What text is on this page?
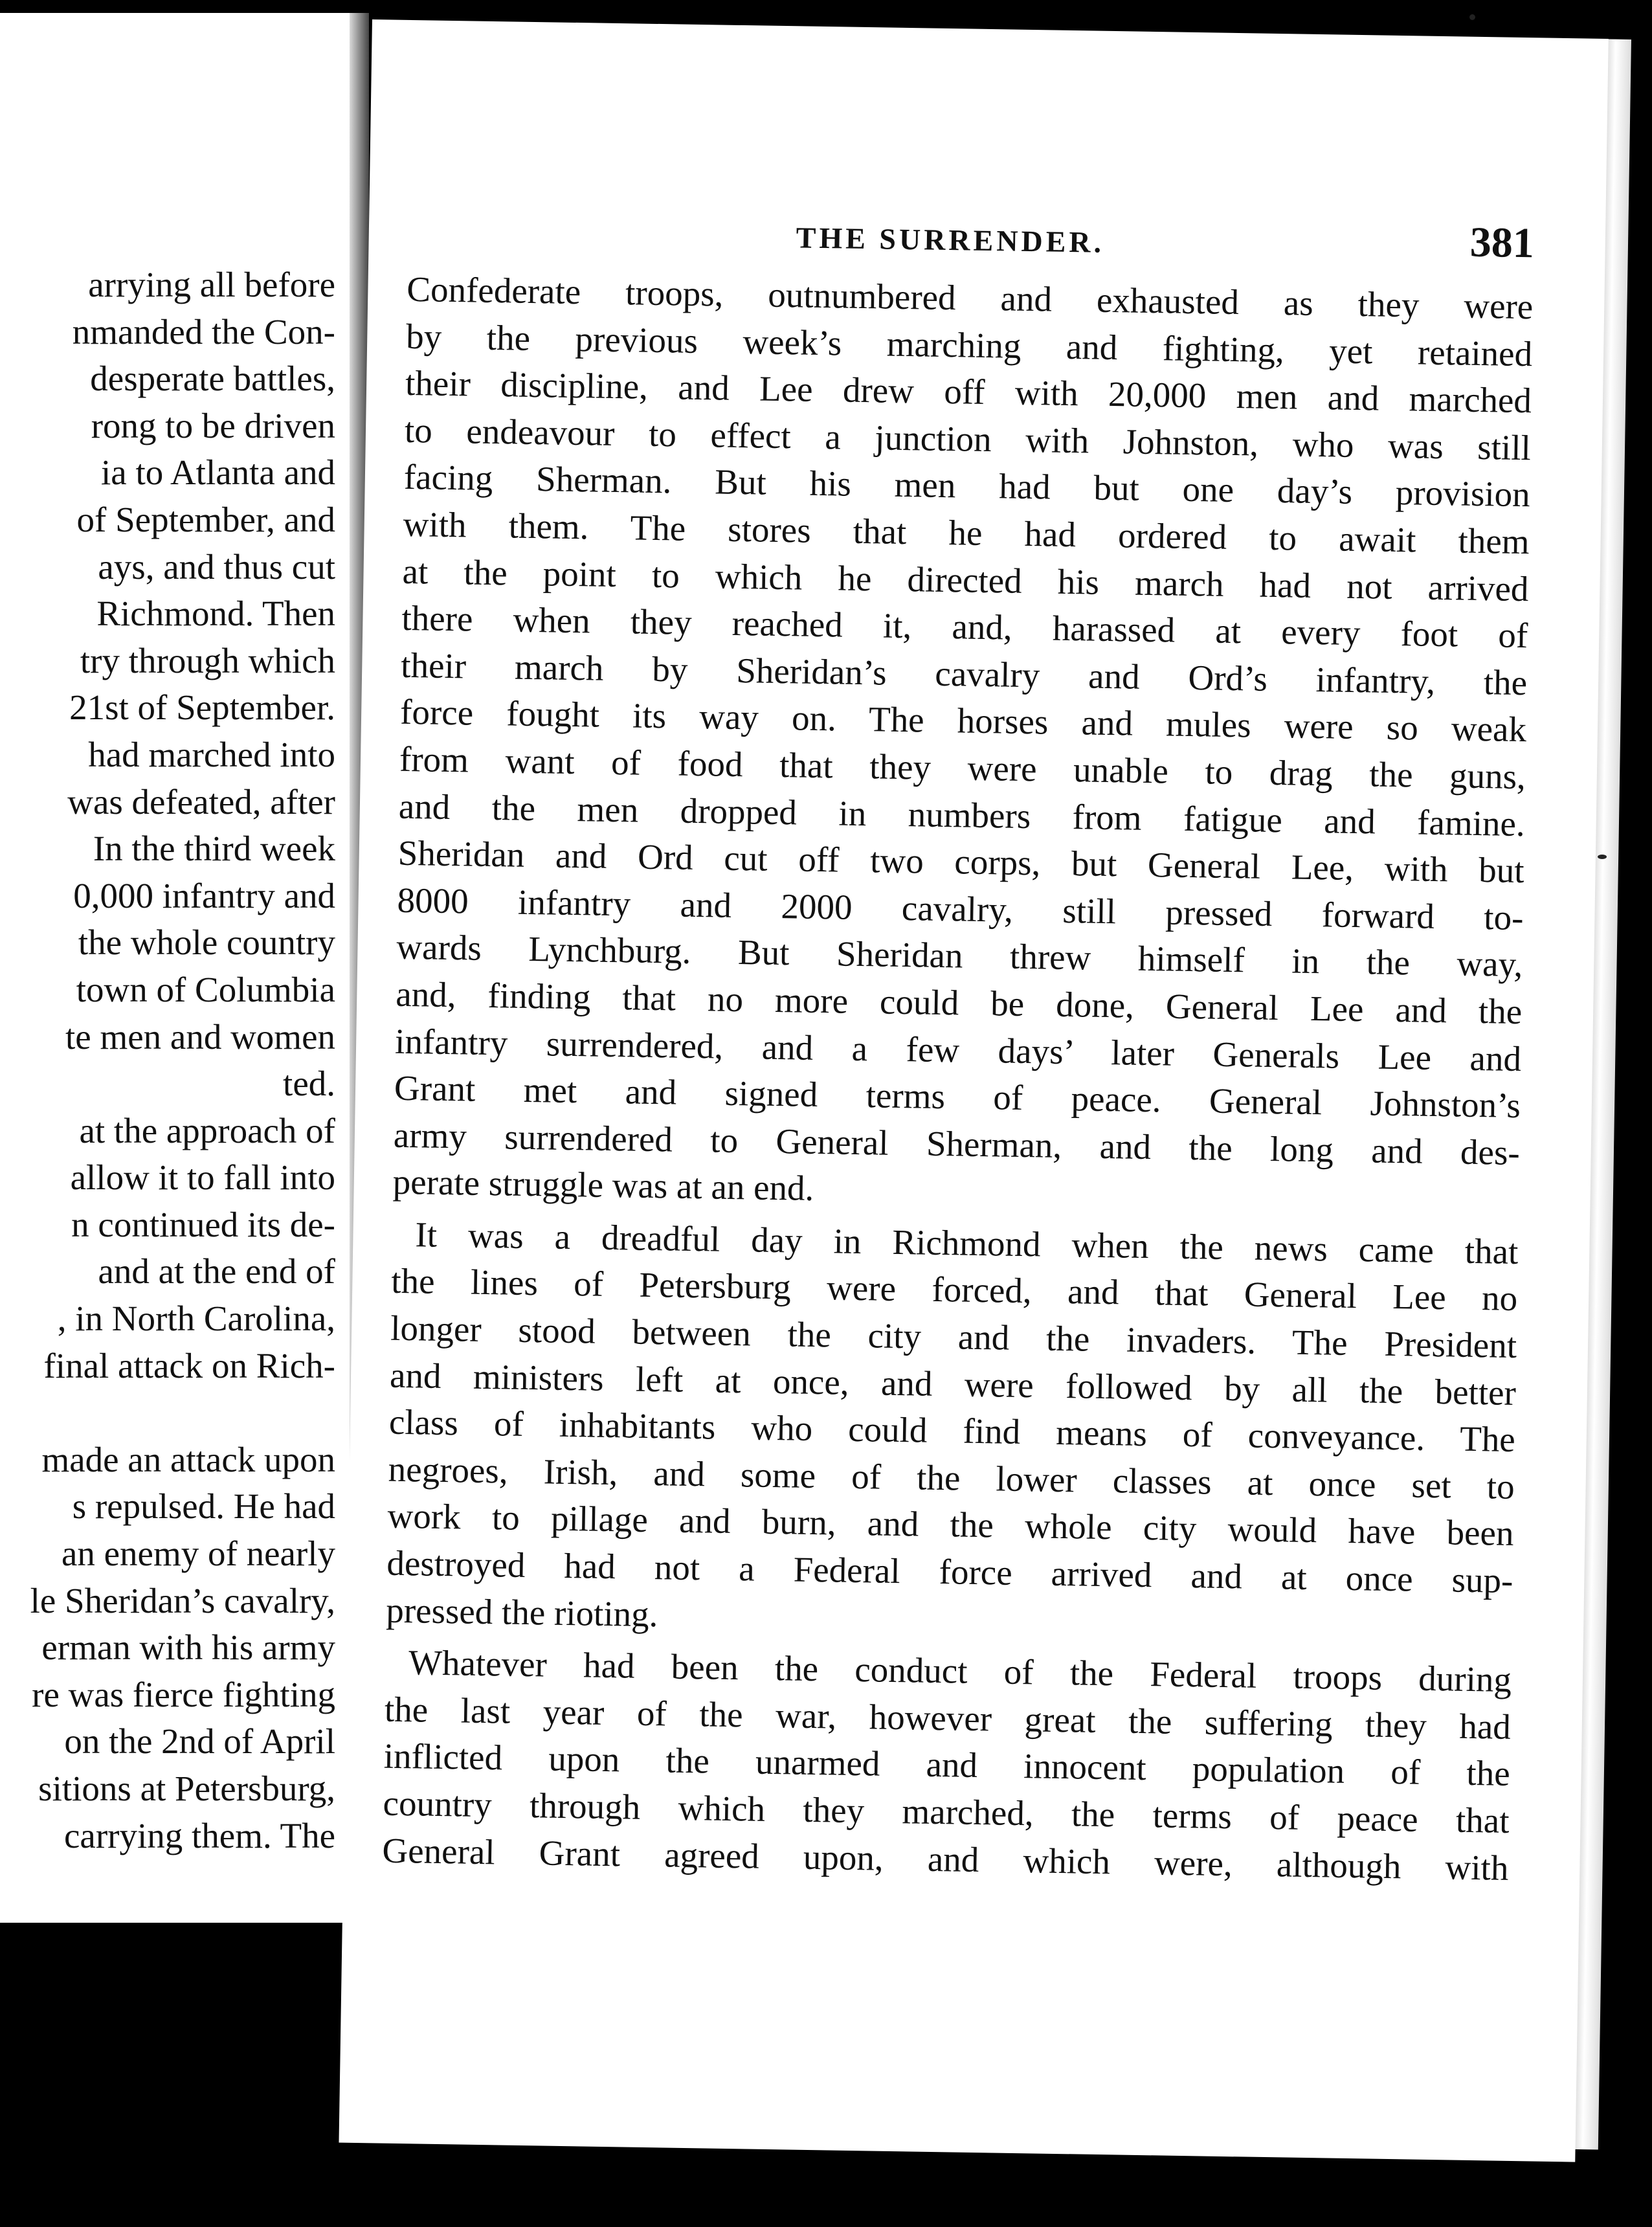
arrying all before
nmanded the Con-
desperate battles,
rong to be driven
ia to Atlanta and
of September, and
ays, and thus cut
Richmond. Then
try through which
21st of September.
had marched into
was defeated, after
In the third week
0,000 infantry and
the whole country
town of Columbia
te men and women
ted.
at the approach of
allow it to fall into
n continued its de-
and at the end of
, in North Carolina,
final attack on Rich-
made an attack upon
s repulsed. He had
an enemy of nearly
le Sheridan’s cavalry,
erman with his army
re was fierce fighting
on the 2nd of April
sitions at Petersburg,
carrying them. The
THE SURRENDER.	381
Confederate troops, outnumbered and exhausted as they were
by the previous week’s marching and fighting, yet retained
their discipline, and Lee drew off with 20,000 men and marched
to endeavour to effect a junction with Johnston, who was still
facing Sherman. But his men had but one day’s provision
with them. The stores that he had ordered to await them
at the point to which he directed his march had not arrived
there when they reached it, and, harassed at every foot of
their march by Sheridan’s cavalry and Ord’s infantry, the
force fought its way on. The horses and mules were so weak
from want of food that they were unable to drag the guns,
and the men dropped in numbers from fatigue and famine.
Sheridan and Ord cut off two corps, but General Lee, with but
8000 infantry and 2000 cavalry, still pressed forward to-
wards Lynchburg. But Sheridan threw himself in the way,
and, finding that no more could be done, General Lee and the
infantry surrendered, and a few days’ later Generals Lee and
Grant met and signed terms of peace. General Johnston’s
army surrendered to General Sherman, and the long and des-
perate struggle was at an end.
It was a dreadful day in Richmond when the news came that
the lines of Petersburg were forced, and that General Lee no
longer stood between the city and the invaders. The President
and ministers left at once, and were followed by all the better
class of inhabitants who could find means of conveyance. The
negroes, Irish, and some of the lower classes at once set to
work to pillage and burn, and the whole city would have been
destroyed had not a Federal force arrived and at once sup-
pressed the rioting.
Whatever had been the conduct of the Federal troops during
the last year of the war, however great the suffering they had
inflicted upon the unarmed and innocent population of the
country through which they marched, the terms of peace that
General Grant agreed upon, and which were, although with
